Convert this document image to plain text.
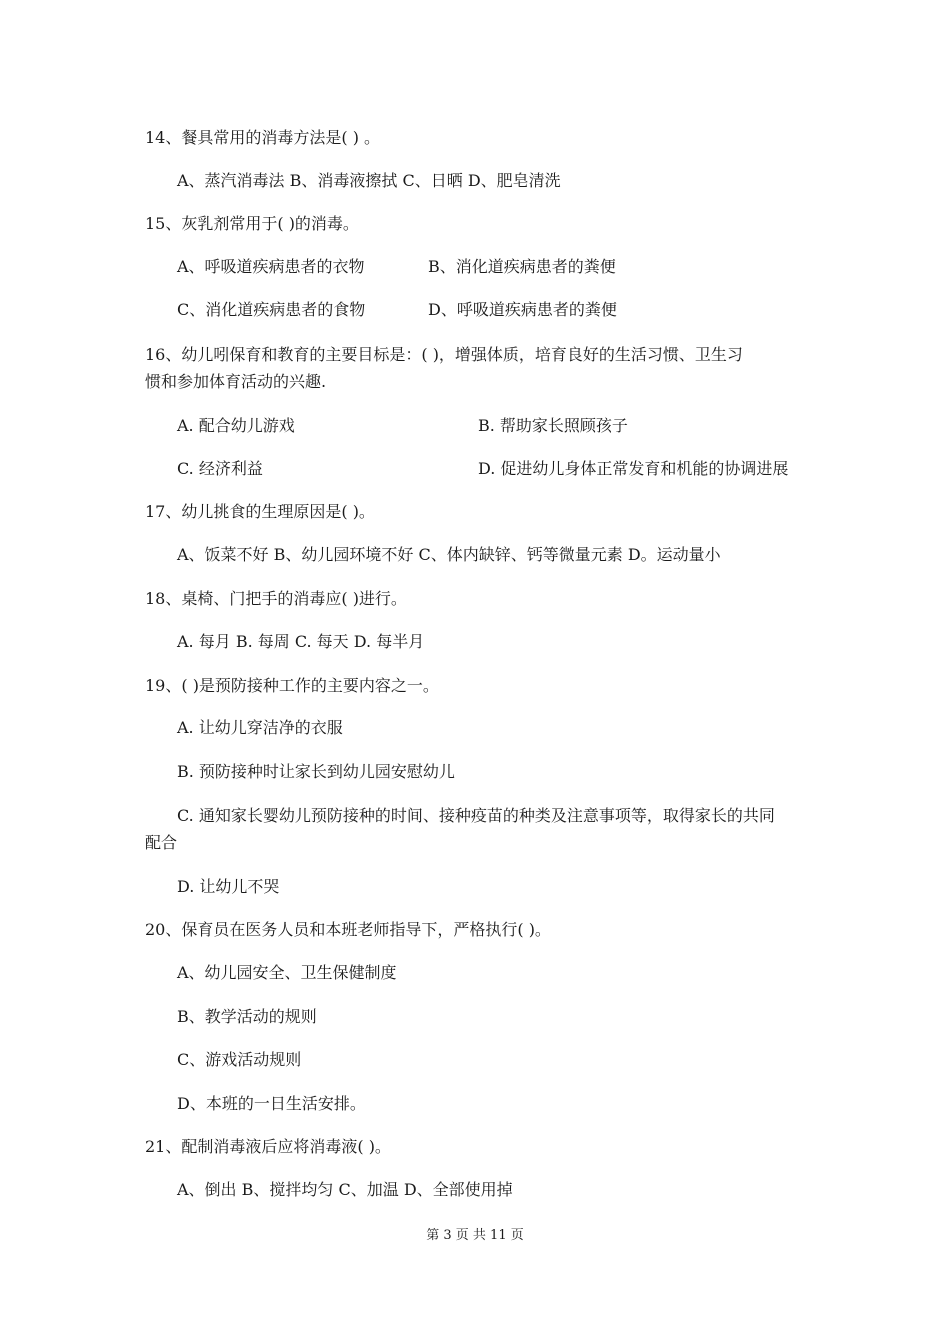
14、餐具常用的消毒方法是( ) 。
A、蒸汽消毒法 B、消毒液擦拭 C、日晒 D、肥皂清洗
15、灰乳剂常用于( )的消毒。
A、呼吸道疾病患者的衣物	B、消化道疾病患者的粪便
C、消化道疾病患者的食物	D、呼吸道疾病患者的粪便
16、幼儿吲保育和教育的主要目标是：( )，增强体质，培育良好的生活习惯、卫生习
惯和参加体育活动的兴趣.
A. 配合幼儿游戏	B. 帮助家长照顾孩子
C. 经济利益	D. 促进幼儿身体正常发育和机能的协调进展
17、幼儿挑食的生理原因是( )。
A、饭菜不好 B、幼儿园环境不好 C、体内缺锌、钙等微量元素 D。运动量小
18、桌椅、门把手的消毒应( )进行。
A. 每月 B. 每周 C. 每天 D. 每半月
19、( )是预防接种工作的主要内容之一。
A. 让幼儿穿洁净的衣服
B. 预防接种时让家长到幼儿园安慰幼儿
C. 通知家长婴幼儿预防接种的时间、接种疫苗的种类及注意事项等，取得家长的共同
配合
D. 让幼儿不哭
20、保育员在医务人员和本班老师指导下，严格执行( )。
A、幼儿园安全、卫生保健制度
B、教学活动的规则
C、游戏活动规则
D、本班的一日生活安排。
21、配制消毒液后应将消毒液( )。
A、倒出 B、搅拌均匀 C、加温 D、全部使用掉
第 3 页 共 11 页
